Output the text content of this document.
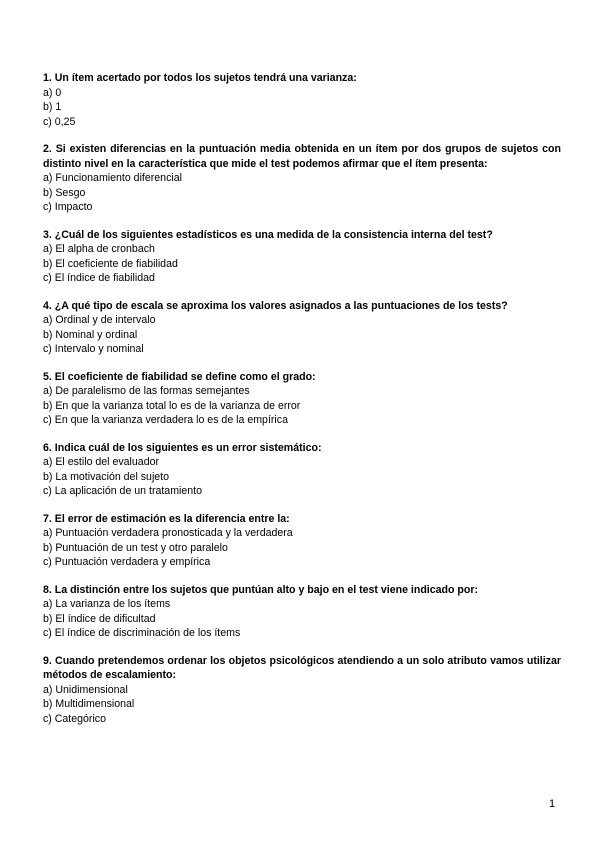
1. Un ítem acertado por todos los sujetos tendrá una varianza:

a) 0

b) 1

c) 0,25

2. Si existen diferencias en la puntuación media obtenida en un ítem por dos grupos de sujetos con distinto nivel en la característica que mide el test podemos afirmar que el ítem presenta:

a) Funcionamiento diferencial

b) Sesgo

c) Impacto

3. ¿Cuál de los siguientes estadísticos es una medida de la consistencia interna del test?

a) El alpha de cronbach

b) El coeficiente de fiabilidad

c) El índice de fiabilidad

4. ¿A qué tipo de escala se aproxima los valores asignados a las puntuaciones de los tests?

a) Ordinal y de intervalo

b) Nominal y ordinal

c) Intervalo y nominal

5. El coeficiente de fiabilidad se define como el grado:

a) De paralelismo de las formas semejantes

b) En que la varianza total lo es de la varianza de error

c) En que la varianza verdadera lo es de la empírica

6. Indica cuál de los siguientes es un error sistemático:

a) El estilo del evaluador

b) La motivación del sujeto

c) La aplicación de un tratamiento

7. El error de estimación es la diferencia entre la:

a) Puntuación verdadera pronosticada y la verdadera

b) Puntuación de un test y otro paralelo

c) Puntuación verdadera y empírica

8. La distinción entre los sujetos que puntúan alto y bajo en el test viene indicado por:

a) La varianza de los ítems

b) El índice de dificultad

c) El índice de discriminación de los ítems

9. Cuando pretendemos ordenar los objetos psicológicos atendiendo a un solo atributo vamos utilizar métodos de escalamiento:

a) Unidimensional

b) Multidimensional

c) Categórico

1
